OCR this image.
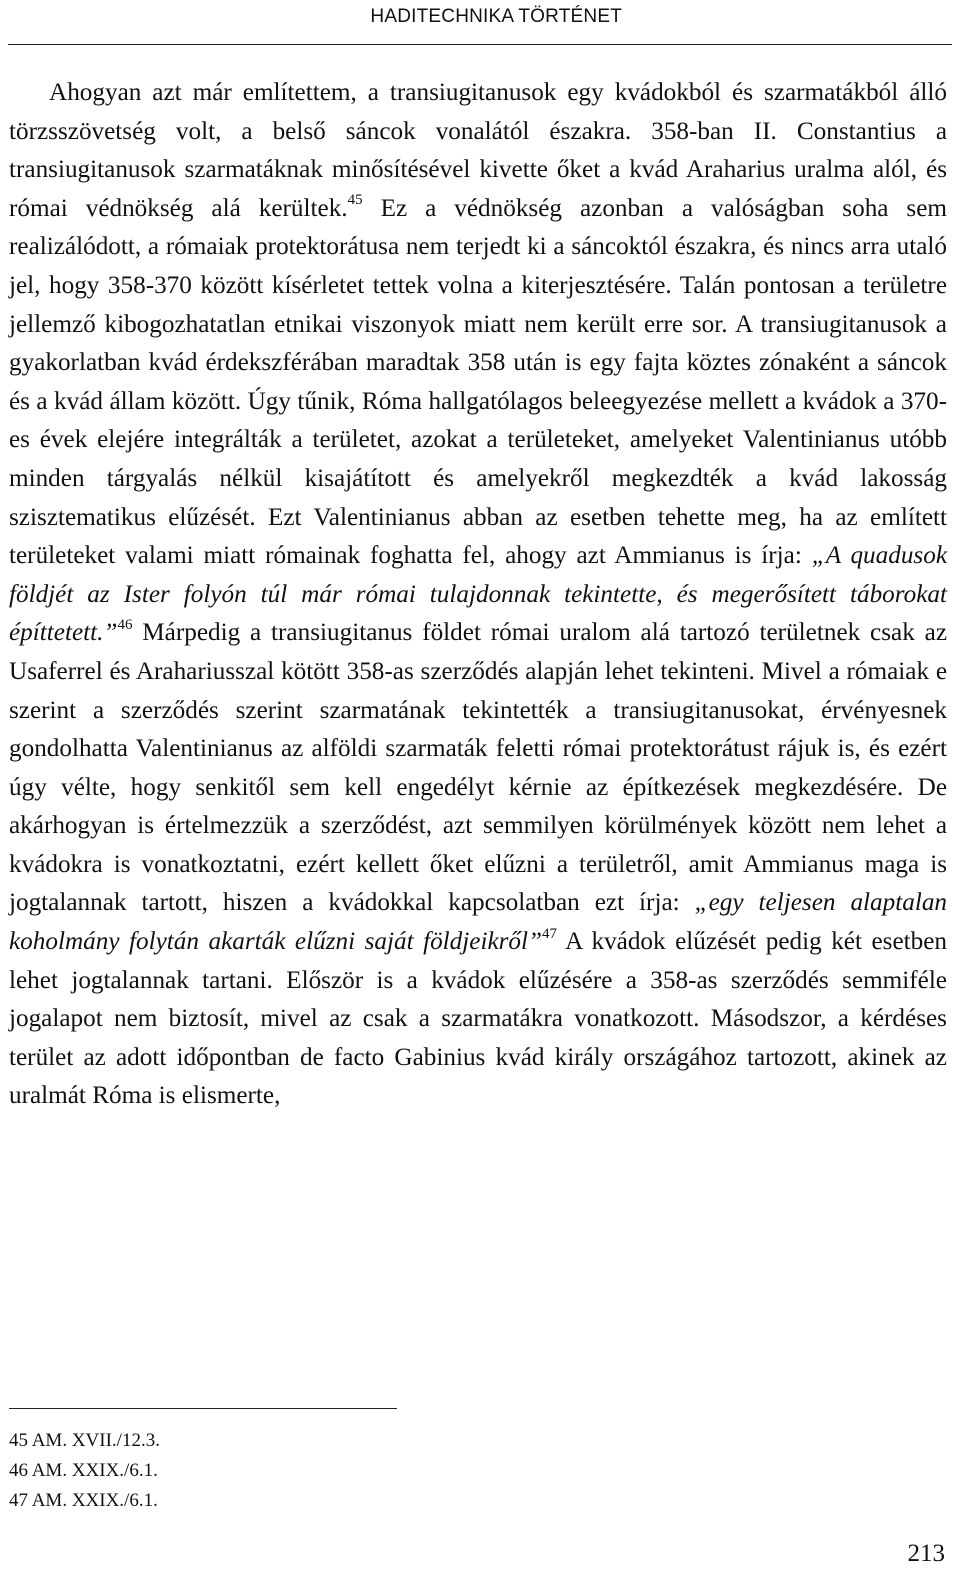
HADITECHNIKA TÖRTÉNET

Ahogyan azt már említettem, a transiugitanusok egy kvádokból és szarmatákból álló törzsszövetség volt, a belső sáncok vonalától északra. 358-ban II. Constantius a transiugitanusok szarmatáknak minősítésével kivette őket a kvád Araharius uralma alól, és római védnökség alá kerültek.$^{45}$ Ez a védnökség azonban a valóságban soha sem realizálódott, a rómaiak protektorátusa nem terjedt ki a sáncoktól északra, és nincs arra utaló jel, hogy 358-370 között kísérletet tettek volna a kiterjesztésére. Talán pontosan a területre jellemző kibogozhatatlan etnikai viszonyok miatt nem került erre sor. A transiugitanusok a gyakorlatban kvád érdekszférában maradtak 358 után is egy fajta köztes zónaként a sáncok és a kvád állam között. Úgy tűnik, Róma hallgatólagos beleegyezése mellett a kvádok a 370-es évek elejére integrálták a területet, azokat a területeket, amelyeket Valentinianus utóbb minden tárgyalás nélkül kisajátított és amelyekről megkezdték a kvád lakosság szisztematikus elűzését. Ezt Valentinianus abban az esetben tehette meg, ha az említett területeket valami miatt rómainak foghatta fel, ahogy azt Ammianus is írja: „A quadusok földjét az Ister folyón túl már római tulajdonnak tekintette, és megerősített táborokat építtetett.”$^{46}$ Márpedig a transiugitanus földet római uralom alá tartozó területnek csak az Usaferrel és Arahariusszal kötött 358-as szerződés alapján lehet tekinteni. Mivel a rómaiak e szerint a szerződés szerint szarmatának tekintették a transiugitanusokat, érvényesnek gondolhatta Valentinianus az alföldi szarmaták feletti római protektorátust rájuk is, és ezért úgy vélte, hogy senkitől sem kell engedélyt kérnie az építkezések megkezdésére. De akárhogyan is értelmezzük a szerződést, azt semmilyen körülmények között nem lehet a kvádokra is vonatkoztatni, ezért kellett őket elűzni a területről, amit Ammianus maga is jogtalannak tartott, hiszen a kvádokkal kapcsolatban ezt írja: „egy teljesen alaptalan koholmány folytán akarták elűzni saját földjeikről”$^{47}$ A kvádok elűzését pedig két esetben lehet jogtalannak tartani. Először is a kvádok elűzésére a 358-as szerződés semmiféle jogalapot nem biztosít, mivel az csak a szarmatákra vonatkozott. Másodszor, a kérdéses terület az adott időpontban de facto Gabinius kvád király országához tartozott, akinek az uralmát Róma is elismerte,

45 AM. XVII./12.3.
46 AM. XXIX./6.1.
47 AM. XXIX./6.1.
213
